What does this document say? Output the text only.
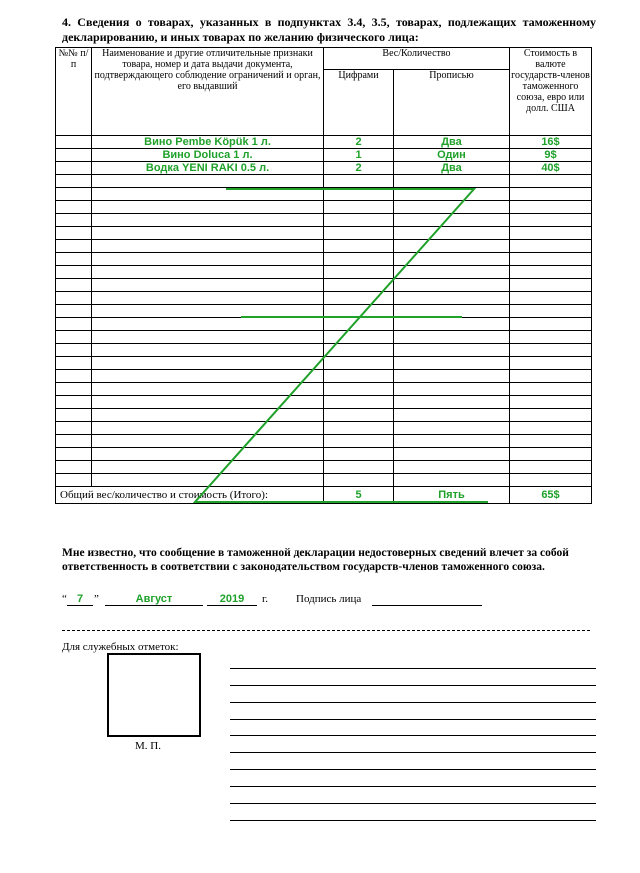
4. Сведения о товарах, указанных в подпунктах 3.4, 3.5, товарах, подлежащих таможенному декларированию, и иных товарах по желанию физического лица:

№№ п/п	Наименование и другие отличительные признаки товара, номер и дата выдачи документа, подтверждающего соблюдение ограничений и орган, его выдавший	Вес/Количество		Стоимость в валюте государств-членов таможенного союза, евро или долл. США
		Цифрами	Прописью	
	Вино Pembe Köpük 1 л.	2	Два	16$
	Вино Doluca 1 л.	1	Один	9$
	Водка YENI RAKI 0.5 л.	2	Два	40$

Общий вес/количество и стоимость (Итого):		5	Пять	65$

Мне известно, что сообщение в таможенной декларации недостоверных сведений влечет за собой ответственность в соответствии с законодательством государств-членов таможенного союза.

“ 7 ”	Август	2019	г.	Подпись лица
Для служебных отметок:
М. П.
